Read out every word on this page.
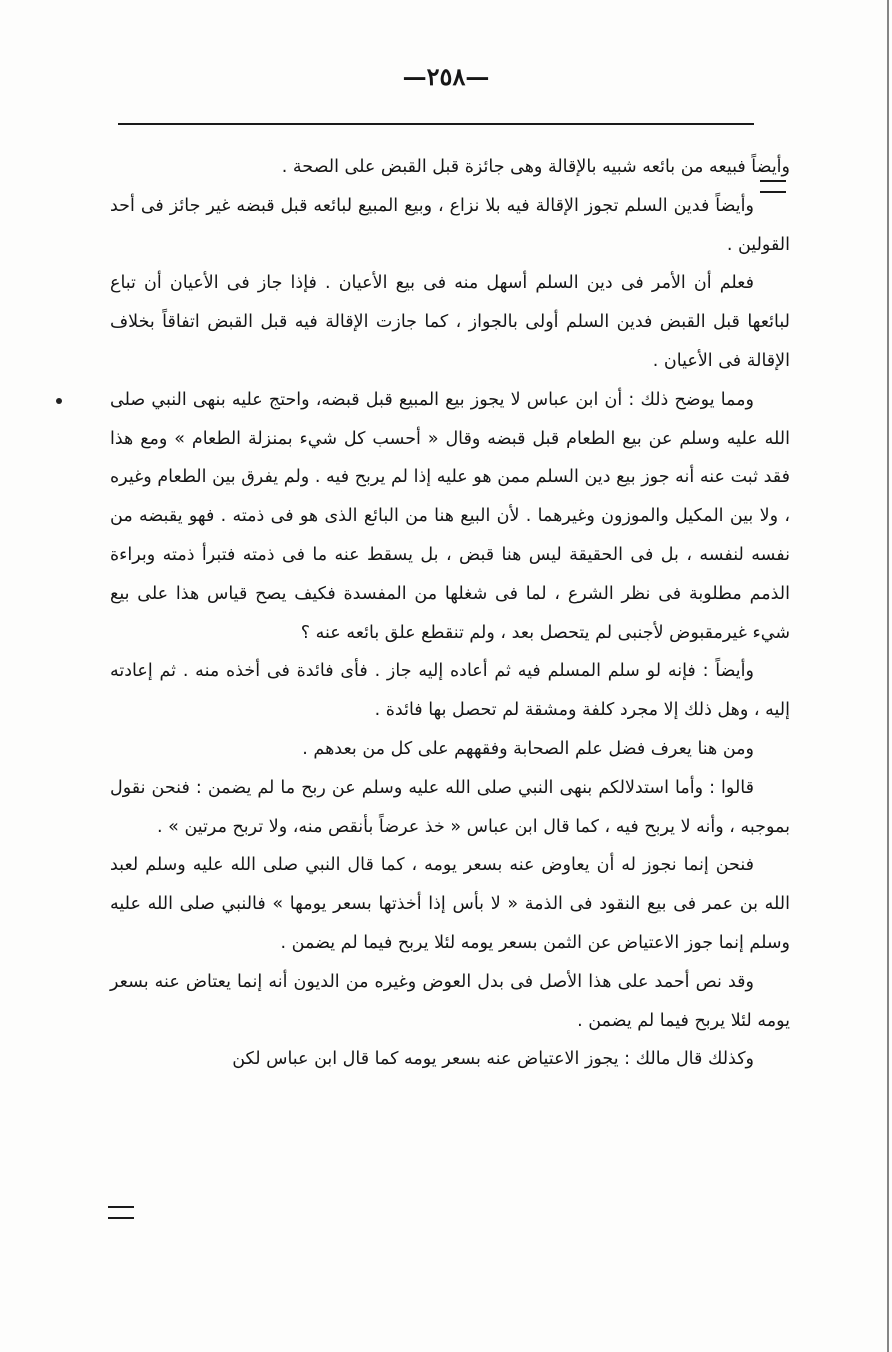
—٢٥٨—

وأيضاً فبيعه من بائعه شبيه بالإقالة وهى جائزة قبل القبض على الصحة .

وأيضاً فدين السلم تجوز الإقالة فيه بلا نزاع ، وبيع المبيع لبائعه قبل قبضه غير جائز فى أحد القولين .

فعلم أن الأمر فى دين السلم أسهل منه فى بيع الأعيان . فإذا جاز فى الأعيان أن تباع لبائعها قبل القبض فدين السلم أولى بالجواز ، كما جازت الإقالة فيه قبل القبض اتفاقاً بخلاف الإقالة فى الأعيان .

ومما يوضح ذلك : أن ابن عباس لا يجوز بيع المبيع قبل قبضه، واحتج عليه بنهى النبي صلى الله عليه وسلم عن بيع الطعام قبل قبضه وقال « أحسب كل شيء بمنزلة الطعام » ومع هذا فقد ثبت عنه أنه جوز بيع دين السلم ممن هو عليه إذا لم يربح فيه . ولم يفرق بين الطعام وغيره ، ولا بين المكيل والموزون وغيرهما . لأن البيع هنا من البائع الذى هو فى ذمته . فهو يقبضه من نفسه لنفسه ، بل فى الحقيقة ليس هنا قبض ، بل يسقط عنه ما فى ذمته فتبرأ ذمته وبراءة الذمم مطلوبة فى نظر الشرع ، لما فى شغلها من المفسدة فكيف يصح قياس هذا على بيع شيء غيرمقبوض لأجنبى لم يتحصل بعد ، ولم تنقطع علق بائعه عنه ؟

وأيضاً : فإنه لو سلم المسلم فيه ثم أعاده إليه جاز . فأى فائدة فى أخذه منه . ثم إعادته إليه ، وهل ذلك إلا مجرد كلفة ومشقة لم تحصل بها فائدة .

ومن هنا يعرف فضل علم الصحابة وفقههم على كل من بعدهم .

قالوا : وأما استدلالكم بنهى النبي صلى الله عليه وسلم عن ربح ما لم يضمن : فنحن نقول بموجبه ، وأنه لا يربح فيه ، كما قال ابن عباس « خذ عرضاً بأنقص منه، ولا تربح مرتين » .

فنحن إنما نجوز له أن يعاوض عنه بسعر يومه ، كما قال النبي صلى الله عليه وسلم لعبد الله بن عمر فى بيع النقود فى الذمة « لا بأس إذا أخذتها بسعر يومها » فالنبي صلى الله عليه وسلم إنما جوز الاعتياض عن الثمن بسعر يومه لئلا يربح فيما لم يضمن .

وقد نص أحمد على هذا الأصل فى بدل العوض وغيره من الديون أنه إنما يعتاض عنه بسعر يومه لئلا يربح فيما لم يضمن .

وكذلك قال مالك : يجوز الاعتياض عنه بسعر يومه كما قال ابن عباس لكن
